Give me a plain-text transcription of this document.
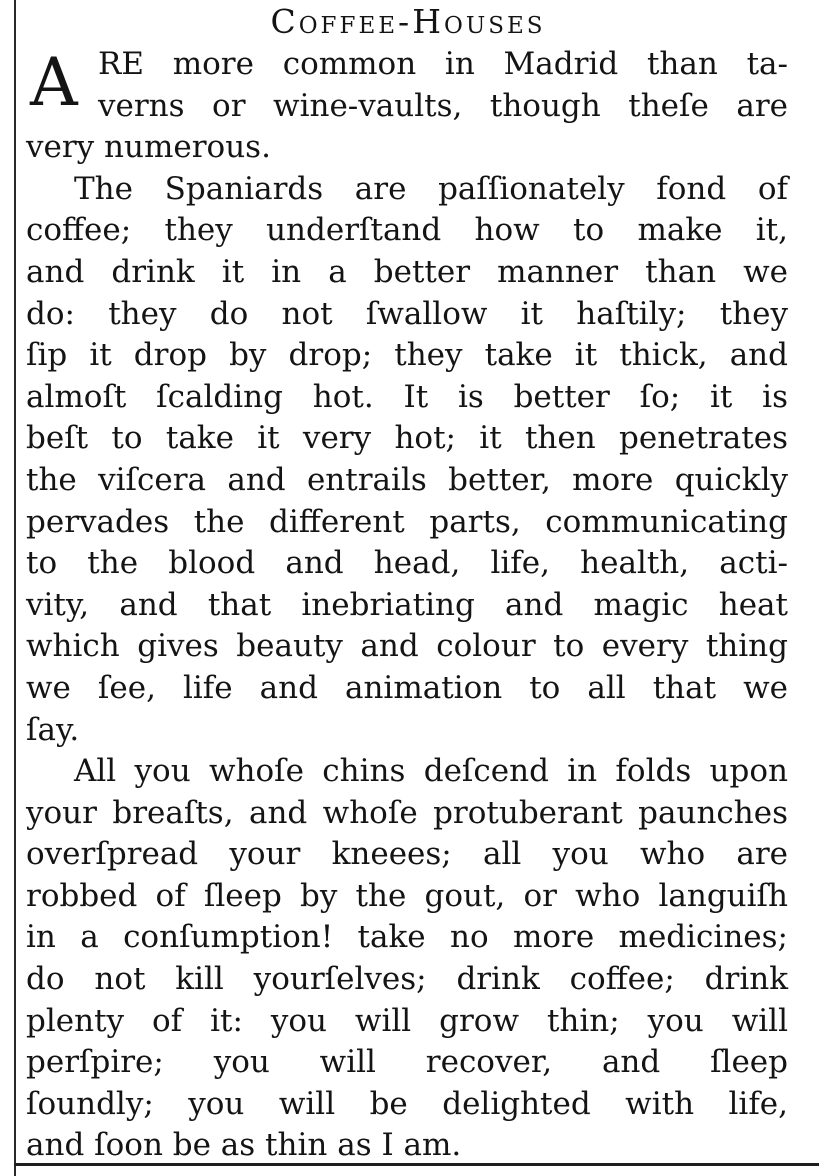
Coffee-Houses
A RE more common in Madrid than ta-
verns or wine-vaults, though theſe are
very numerous.
The Spaniards are paſſionately fond of
coffee; they underſtand how to make it,
and drink it in a better manner than we
do: they do not ſwallow it haſtily; they
ſip it drop by drop; they take it thick, and
almoſt ſcalding hot. It is better ſo; it is
beſt to take it very hot; it then penetrates
the viſcera and entrails better, more quickly
pervades the different parts, communicating
to the blood and head, life, health, acti-
vity, and that inebriating and magic heat
which gives beauty and colour to every thing
we ſee, life and animation to all that we
ſay.
All you whoſe chins deſcend in folds upon
your breaſts, and whoſe protuberant paunches
overſpread your kneees; all you who are
robbed of ſleep by the gout, or who languiſh
in a conſumption! take no more medicines;
do not kill yourſelves; drink coffee; drink
plenty of it: you will grow thin; you will
perſpire; you will recover, and ſleep
ſoundly; you will be delighted with life,
and ſoon be as thin as I am.
